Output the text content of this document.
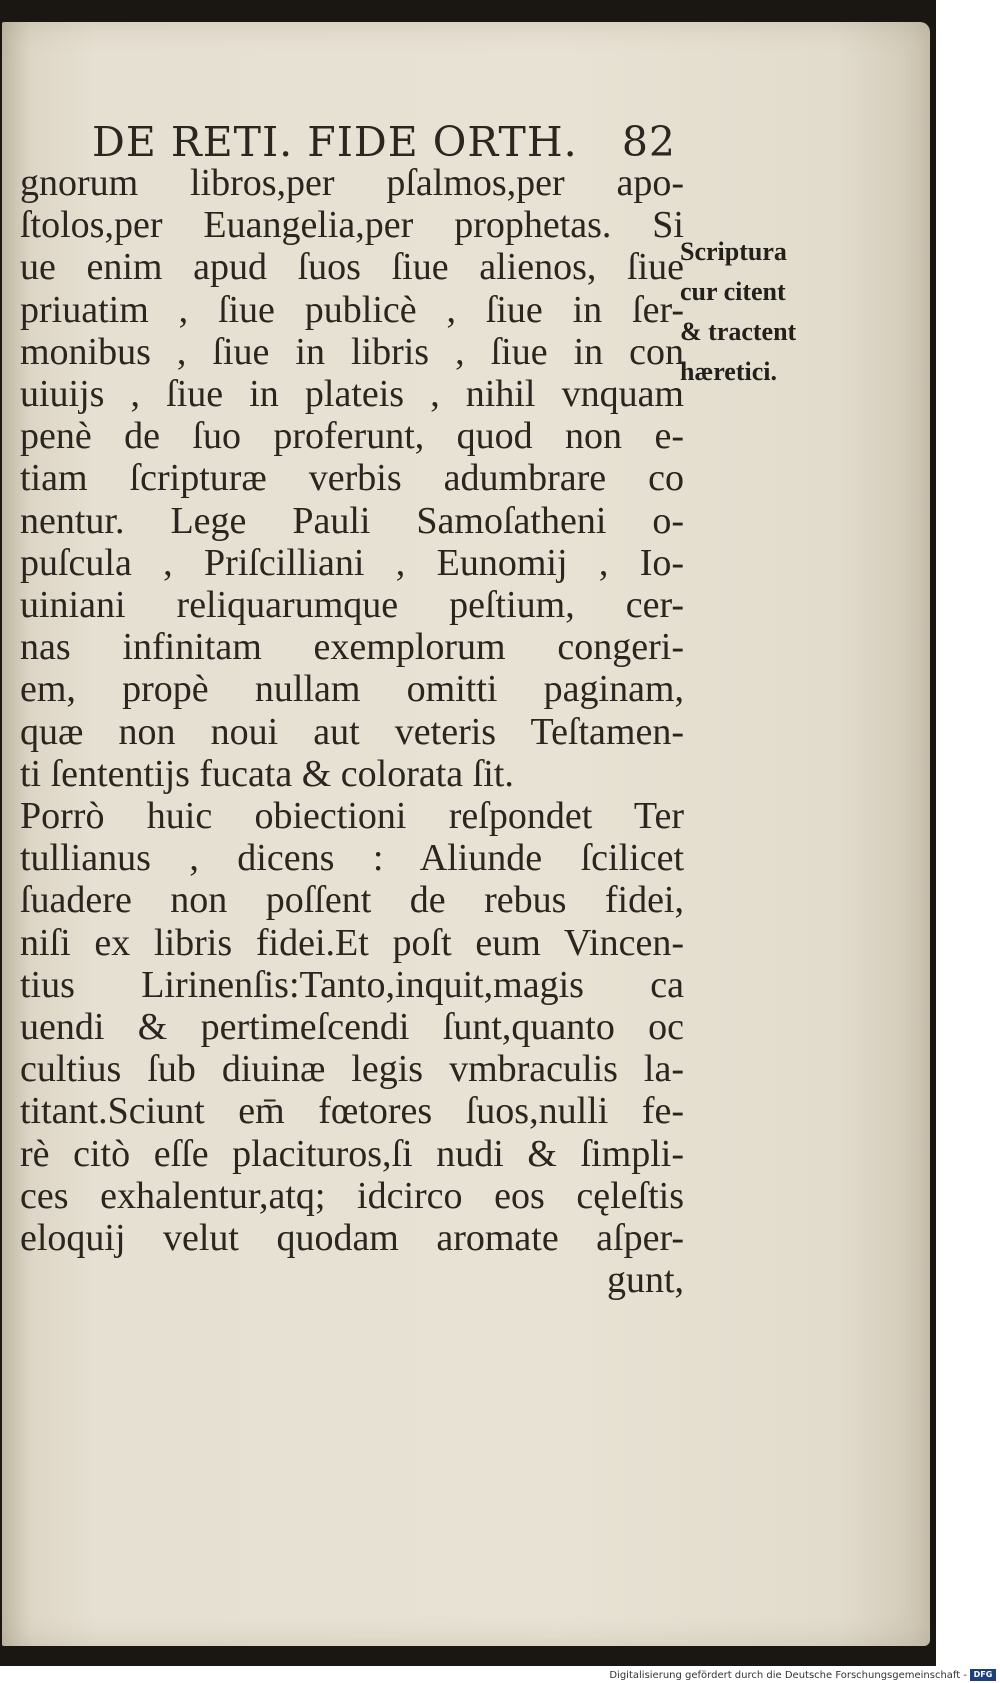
DE RETI. FIDE ORTH. 82
gnorum libros,per pſalmos,per apo-
ſtolos,per Euangelia,per prophetas. Si
ue enim apud ſuos ſiue alienos, ſiue
priuatim , ſiue publicè , ſiue in ſer-
monibus , ſiue in libris , ſiue in con
uiuijs , ſiue in plateis , nihil vnquam
penè de ſuo proferunt, quod non e-
tiam ſcripturæ verbis adumbrare co
nentur. Lege Pauli Samoſatheni o-
puſcula , Priſcilliani , Eunomij , Io-
uiniani reliquarumque peſtium, cer-
nas infinitam exemplorum congeri-
em, propè nullam omitti paginam,
quæ non noui aut veteris Teſtamen-
ti ſententijs fucata & colorata ſit.
Porrò huic obiectioni reſpondet Ter
tullianus , dicens : Aliunde ſcilicet
ſuadere non poſſent de rebus fidei,
niſi ex libris fidei.Et poſt eum Vincen-
tius Lirinenſis:Tanto,inquit,magis ca
uendi & pertimeſcendi ſunt,quanto oc
cultius ſub diuinæ legis vmbraculis la-
titant.Sciunt em̄ fœtores ſuos,nulli fe-
rè citò eſſe placituros,ſi nudi & ſimpli-
ces exhalentur,atq; idcirco eos cęleſtis
eloquij velut quodam aromate aſper-
gunt,
Scriptura
cur citent
& tractent
hæretici.
Digitalisierung gefördert durch die Deutsche Forschungsgemeinschaft - DFG
